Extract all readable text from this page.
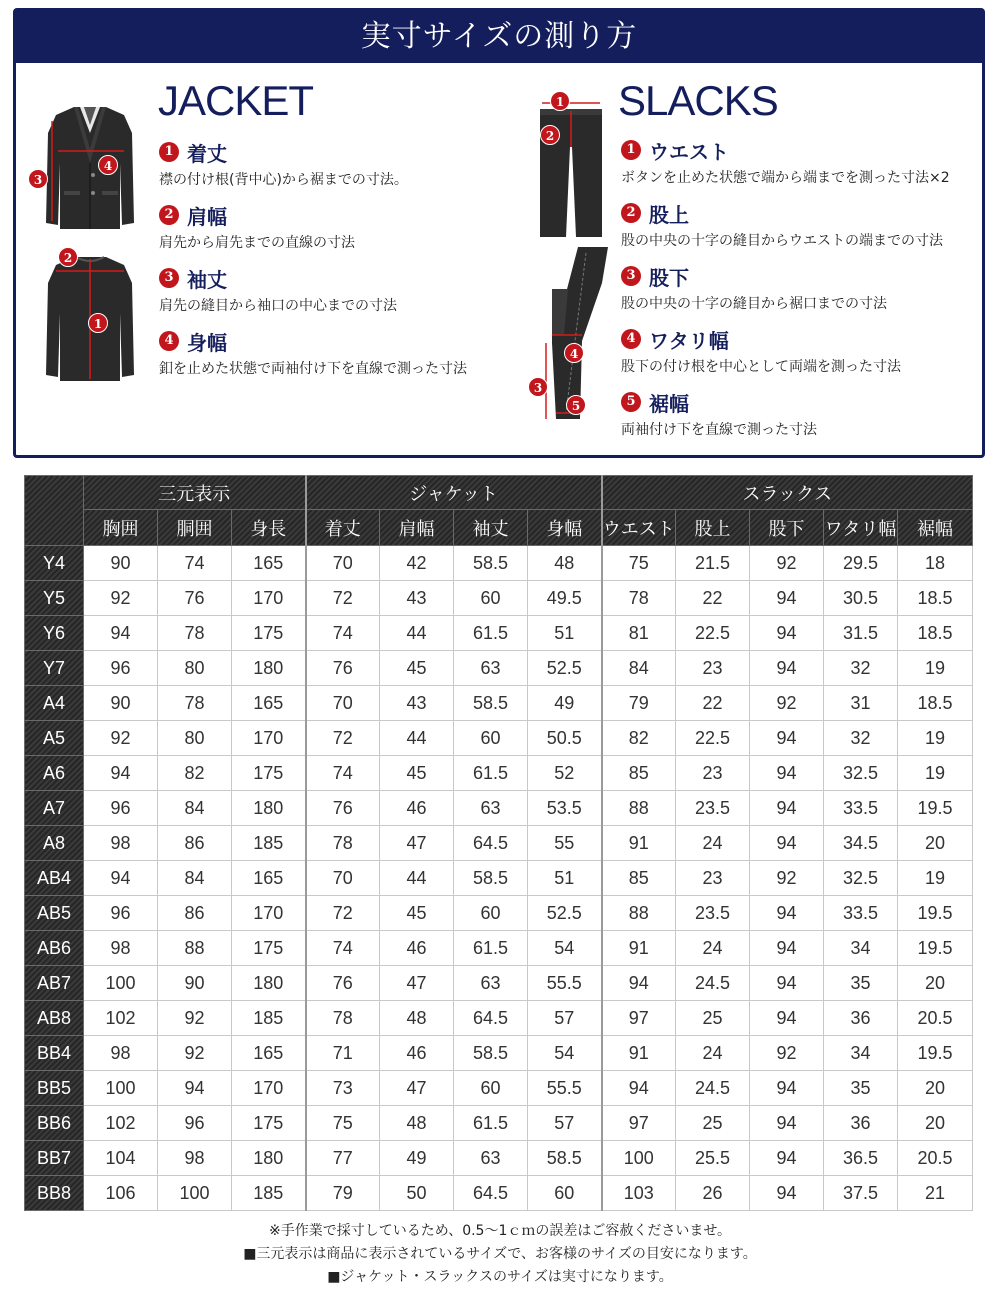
実寸サイズの測り方
3
4
2
1
JACKET
1 着丈
襟の付け根(背中心)から裾までの寸法。
2 肩幅
肩先から肩先までの直線の寸法
3 袖丈
肩先の縫目から袖口の中心までの寸法
4 身幅
釦を止めた状態で両袖付け下を直線で測った寸法
1
2
4
3
5
SLACKS
1 ウエスト
ボタンを止めた状態で端から端までを測った寸法×2
2 股上
股の中央の十字の縫目からウエストの端までの寸法
3 股下
股の中央の十字の縫目から裾口までの寸法
4 ワタリ幅
股下の付け根を中心として両端を測った寸法
5 裾幅
両袖付け下を直線で測った寸法
	三元表示			ジャケット				スラックス				
	胸囲	胴囲	身長	着丈	肩幅	袖丈	身幅	ウエスト	股上	股下	ワタリ幅	裾幅
Y4	90	74	165	70	42	58.5	48	75	21.5	92	29.5	18
Y5	92	76	170	72	43	60	49.5	78	22	94	30.5	18.5
Y6	94	78	175	74	44	61.5	51	81	22.5	94	31.5	18.5
Y7	96	80	180	76	45	63	52.5	84	23	94	32	19
A4	90	78	165	70	43	58.5	49	79	22	92	31	18.5
A5	92	80	170	72	44	60	50.5	82	22.5	94	32	19
A6	94	82	175	74	45	61.5	52	85	23	94	32.5	19
A7	96	84	180	76	46	63	53.5	88	23.5	94	33.5	19.5
A8	98	86	185	78	47	64.5	55	91	24	94	34.5	20
AB4	94	84	165	70	44	58.5	51	85	23	92	32.5	19
AB5	96	86	170	72	45	60	52.5	88	23.5	94	33.5	19.5
AB6	98	88	175	74	46	61.5	54	91	24	94	34	19.5
AB7	100	90	180	76	47	63	55.5	94	24.5	94	35	20
AB8	102	92	185	78	48	64.5	57	97	25	94	36	20.5
BB4	98	92	165	71	46	58.5	54	91	24	92	34	19.5
BB5	100	94	170	73	47	60	55.5	94	24.5	94	35	20
BB6	102	96	175	75	48	61.5	57	97	25	94	36	20
BB7	104	98	180	77	49	63	58.5	100	25.5	94	36.5	20.5
BB8	106	100	185	79	50	64.5	60	103	26	94	37.5	21
※手作業で採寸しているため、0.5〜1ｃｍの誤差はご容赦くださいませ。
■三元表示は商品に表示されているサイズで、お客様のサイズの目安になります。
■ジャケット・スラックスのサイズは実寸になります。
